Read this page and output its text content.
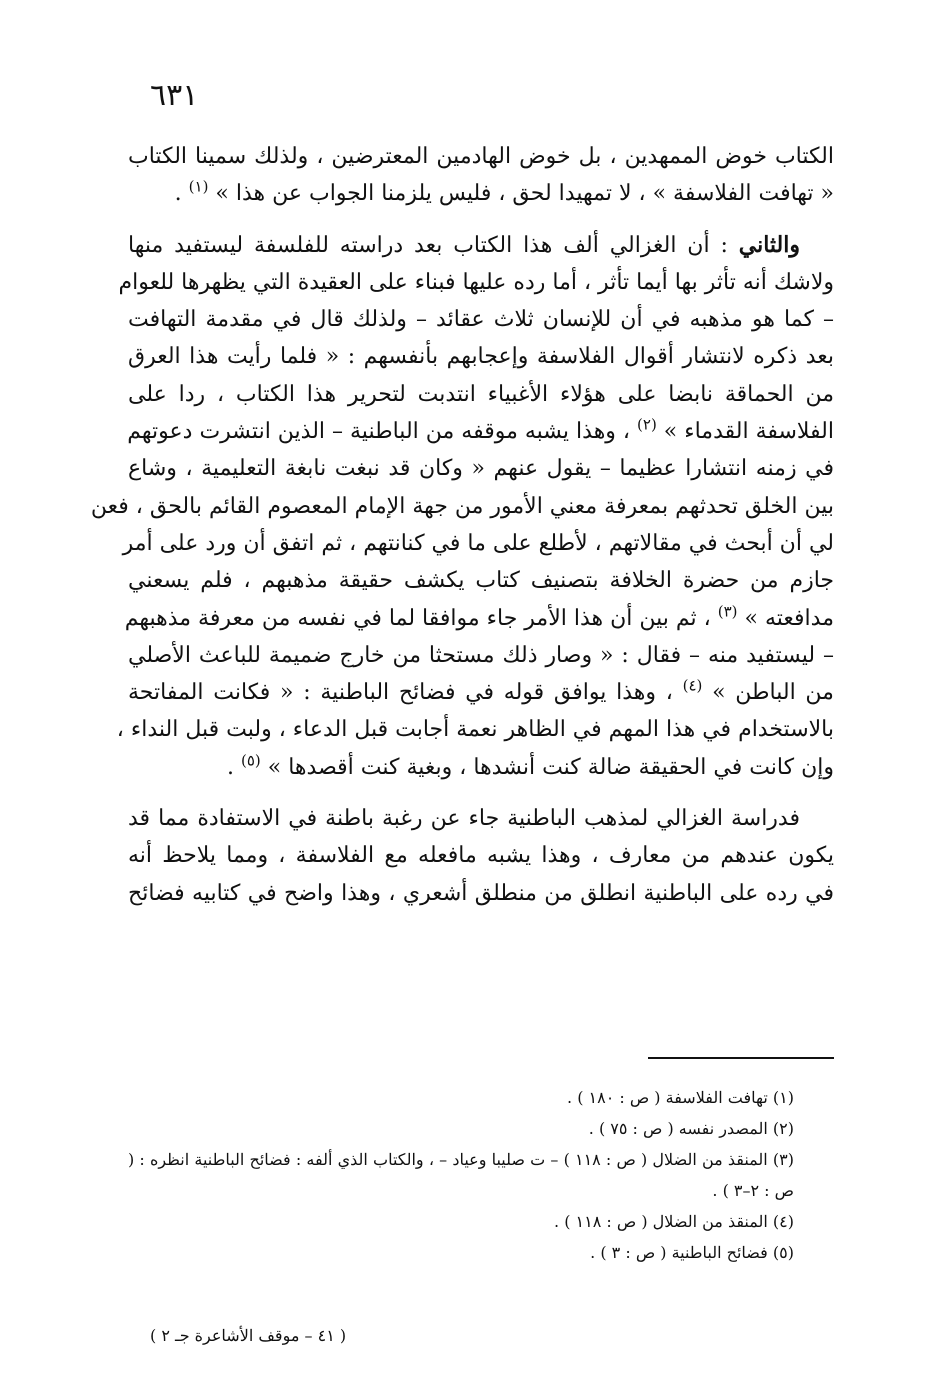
٦٣١

الكتاب خوض الممهدين ، بل خوض الهادمين المعترضين ، ولذلك سمينا الكتاب
« تهافت الفلاسفة » ، لا تمهيدا لحق ، فليس يلزمنا الجواب عن هذا » $^{(١)}$ .

والثاني : أن الغزالي ألف هذا الكتاب بعد دراسته للفلسفة ليستفيد منها
ولاشك أنه تأثر بها أيما تأثر ، أما رده عليها فبناء على العقيدة التي يظهرها للعوام
– كما هو مذهبه في أن للإنسان ثلاث عقائد – ولذلك قال في مقدمة التهافت
بعد ذكره لانتشار أقوال الفلاسفة وإعجابهم بأنفسهم : « فلما رأيت هذا العرق
من الحماقة نابضا على هؤلاء الأغبياء انتدبت لتحرير هذا الكتاب ، ردا على
الفلاسفة القدماء » $^{(٢)}$ ، وهذا يشبه موقفه من الباطنية – الذين انتشرت دعوتهم
في زمنه انتشارا عظيما – يقول عنهم « وكان قد نبغت نابغة التعليمية ، وشاع
بين الخلق تحدثهم بمعرفة معني الأمور من جهة الإمام المعصوم القائم بالحق ، فعن
لي أن أبحث في مقالاتهم ، لأطلع على ما في كنانتهم ، ثم اتفق أن ورد على أمر
جازم من حضرة الخلافة بتصنيف كتاب يكشف حقيقة مذهبهم ، فلم يسعني
مدافعته » $^{(٣)}$ ، ثم بين أن هذا الأمر جاء موافقا لما في نفسه من معرفة مذهبهم
– ليستفيد منه – فقال : « وصار ذلك مستحثا من خارج ضميمة للباعث الأصلي
من الباطن » $^{(٤)}$ ، وهذا يوافق قوله في فضائح الباطنية : « فكانت المفاتحة
بالاستخدام في هذا المهم في الظاهر نعمة أجابت قبل الدعاء ، ولبت قبل النداء ،
وإن كانت في الحقيقة ضالة كنت أنشدها ، وبغية كنت أقصدها » $^{(٥)}$ .

فدراسة الغزالي لمذهب الباطنية جاء عن رغبة باطنة في الاستفادة مما قد
يكون عندهم من معارف ، وهذا يشبه مافعله مع الفلاسفة ، ومما يلاحظ أنه
في رده على الباطنية انطلق من منطلق أشعري ، وهذا واضح في كتابيه فضائح

(١) تهافت الفلاسفة ( ص : ١٨٠ ) .
(٢) المصدر نفسه ( ص : ٧٥ ) .
(٣) المنقذ من الضلال ( ص : ١١٨ ) – ت صليبا وعياد – ، والكتاب الذي ألفه : فضائح الباطنية انظره : ( ص : ٢–٣ ) .
(٤) المنقذ من الضلال ( ص : ١١٨ ) .
(٥) فضائح الباطنية ( ص : ٣ ) .
( ٤١ – موقف الأشاعرة جـ ٢ )
